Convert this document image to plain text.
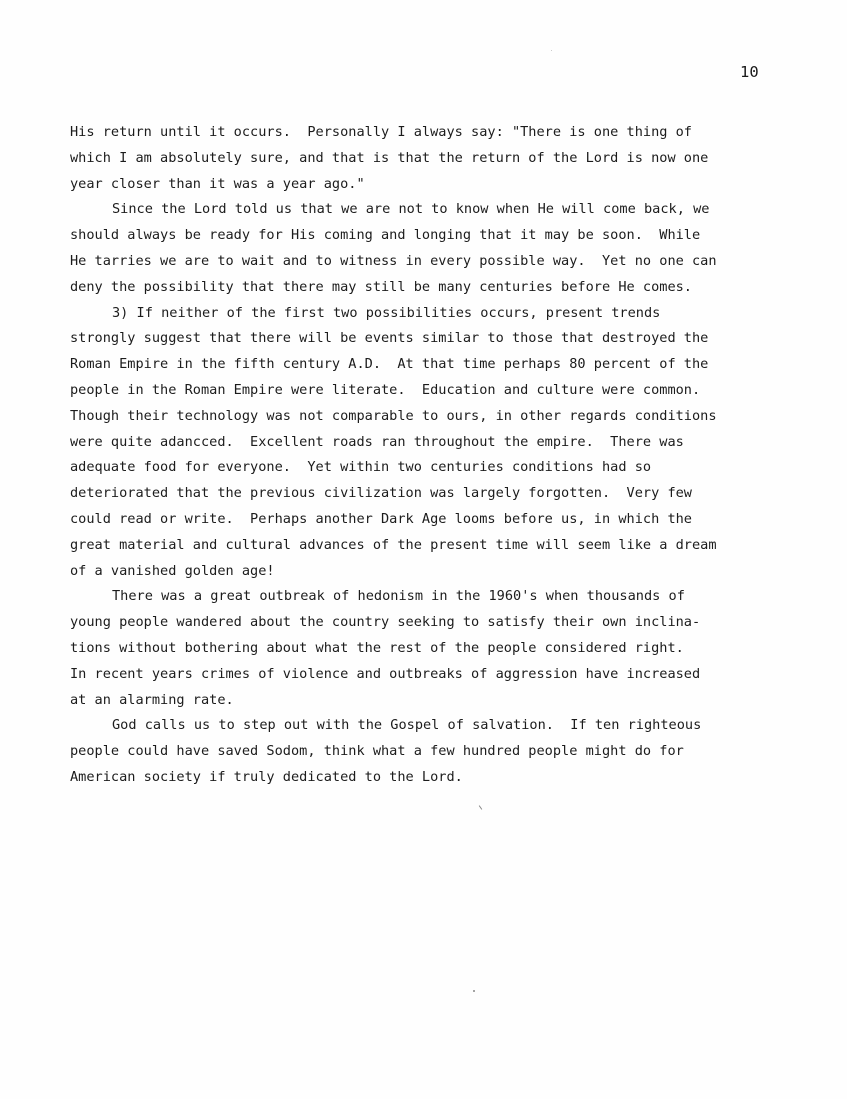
10
His return until it occurs.  Personally I always say: "There is one thing of
which I am absolutely sure, and that is that the return of the Lord is now one
year closer than it was a year ago."
Since the Lord told us that we are not to know when He will come back, we
should always be ready for His coming and longing that it may be soon.  While
He tarries we are to wait and to witness in every possible way.  Yet no one can
deny the possibility that there may still be many centuries before He comes.
3) If neither of the first two possibilities occurs, present trends
strongly suggest that there will be events similar to those that destroyed the
Roman Empire in the fifth century A.D.  At that time perhaps 80 percent of the
people in the Roman Empire were literate.  Education and culture were common.
Though their technology was not comparable to ours, in other regards conditions
were quite adancced.  Excellent roads ran throughout the empire.  There was
adequate food for everyone.  Yet within two centuries conditions had so
deteriorated that the previous civilization was largely forgotten.  Very few
could read or write.  Perhaps another Dark Age looms before us, in which the
great material and cultural advances of the present time will seem like a dream
of a vanished golden age!
There was a great outbreak of hedonism in the 1960's when thousands of
young people wandered about the country seeking to satisfy their own inclina-
tions without bothering about what the rest of the people considered right.
In recent years crimes of violence and outbreaks of aggression have increased
at an alarming rate.
God calls us to step out with the Gospel of salvation.  If ten righteous
people could have saved Sodom, think what a few hundred people might do for
American society if truly dedicated to the Lord.
